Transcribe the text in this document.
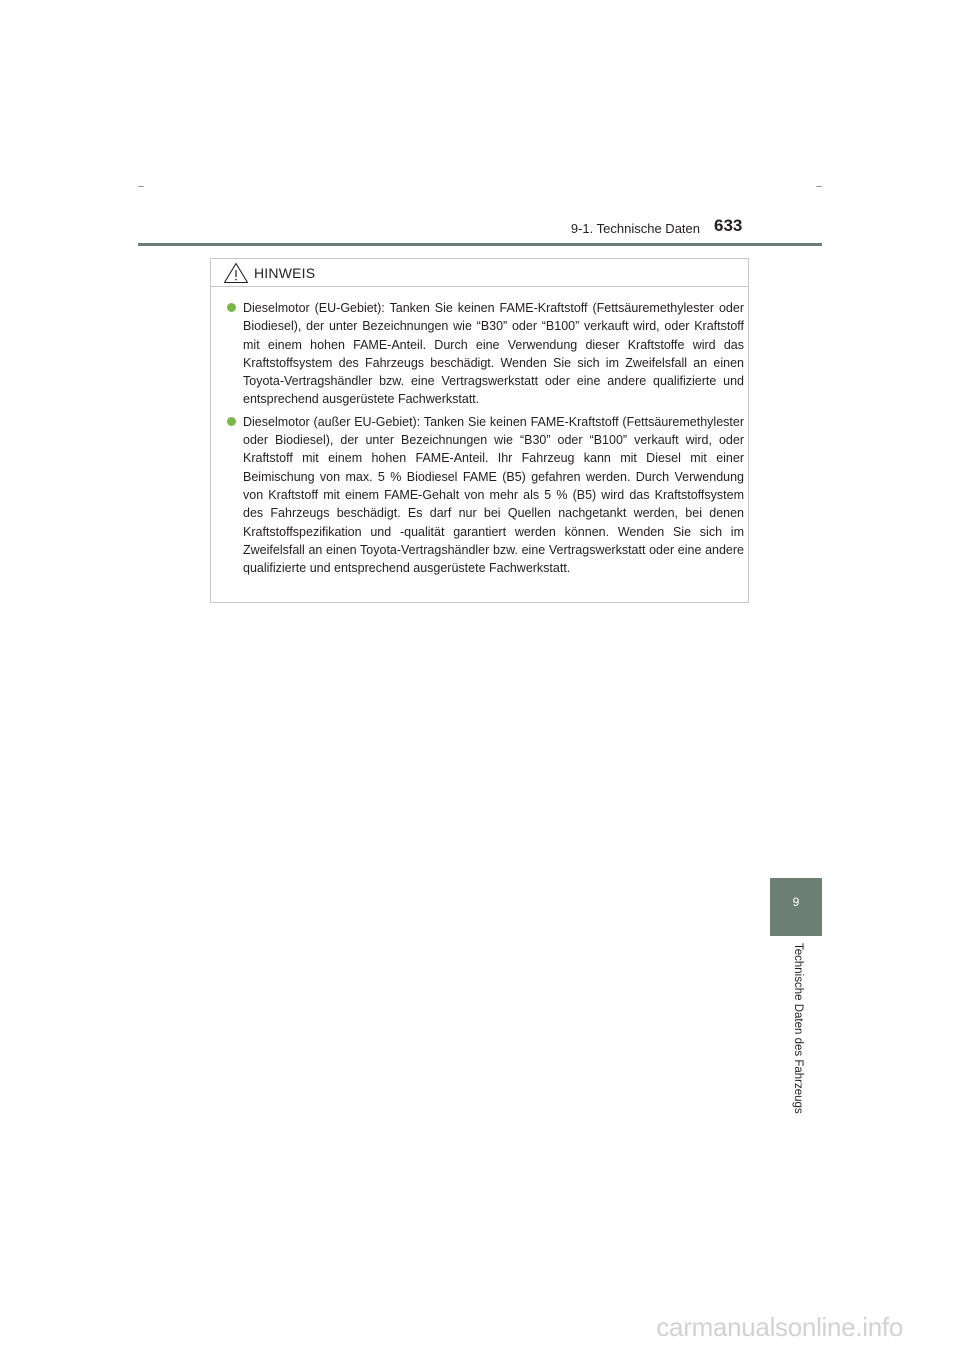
9-1. Technische Daten 633
HINWEIS
Dieselmotor (EU-Gebiet): Tanken Sie keinen FAME-Kraftstoff (Fettsäuremethylester oder Biodiesel), der unter Bezeichnungen wie “B30” oder “B100” verkauft wird, oder Kraftstoff mit einem hohen FAME-Anteil. Durch eine Verwendung dieser Kraftstoffe wird das Kraftstoffsystem des Fahrzeugs beschädigt. Wenden Sie sich im Zweifelsfall an einen Toyota-Vertragshändler bzw. eine Vertragswerkstatt oder eine andere qualifizierte und entsprechend ausgerüstete Fachwerkstatt.
Dieselmotor (außer EU-Gebiet): Tanken Sie keinen FAME-Kraftstoff (Fettsäuremethylester oder Biodiesel), der unter Bezeichnungen wie “B30” oder “B100” verkauft wird, oder Kraftstoff mit einem hohen FAME-Anteil. Ihr Fahrzeug kann mit Diesel mit einer Beimischung von max. 5 % Biodiesel FAME (B5) gefahren werden. Durch Verwendung von Kraftstoff mit einem FAME-Gehalt von mehr als 5 % (B5) wird das Kraftstoffsystem des Fahrzeugs beschädigt. Es darf nur bei Quellen nachgetankt werden, bei denen Kraftstoffspezifikation und -qualität garantiert werden können. Wenden Sie sich im Zweifelsfall an einen Toyota-Vertragshändler bzw. eine Vertragswerkstatt oder eine andere qualifizierte und entsprechend ausgerüstete Fachwerkstatt.
9
Technische Daten des Fahrzeugs
carmanualsonline.info
